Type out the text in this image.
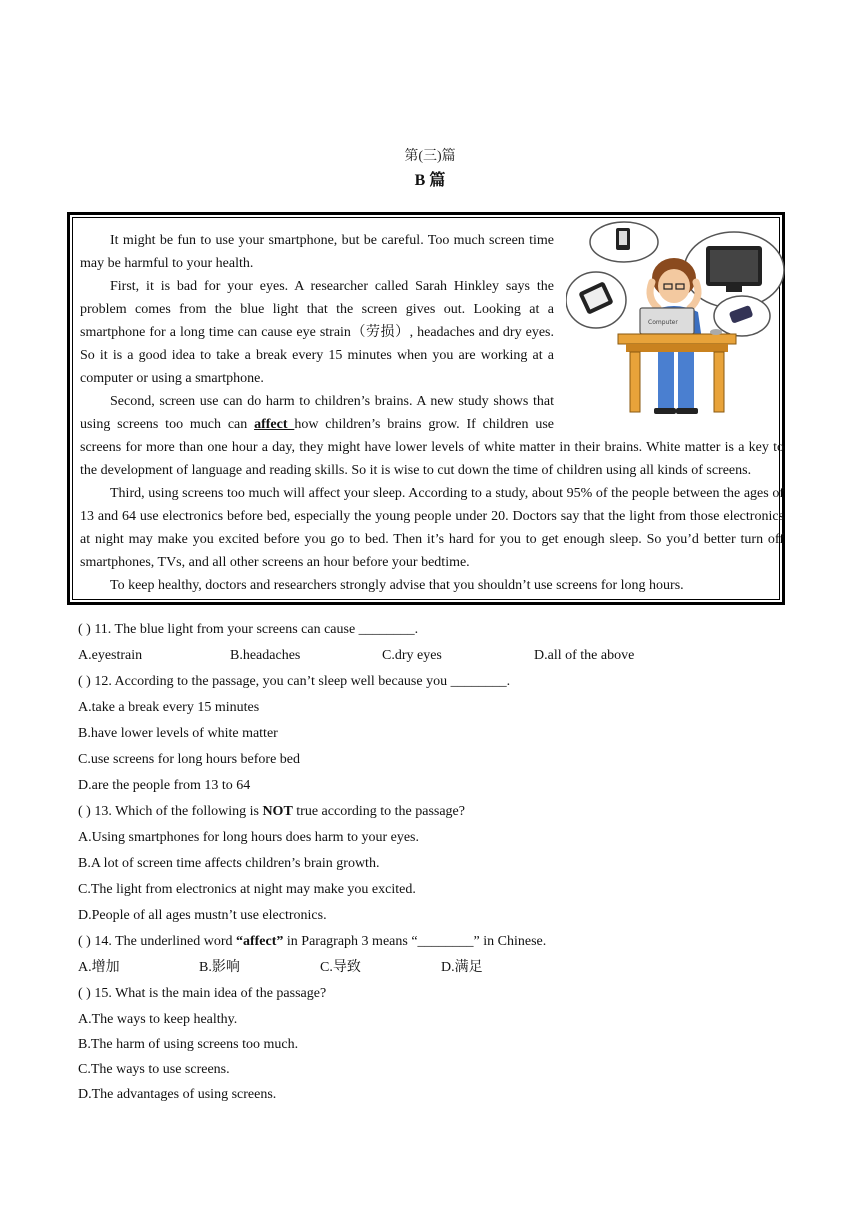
第(三)篇
B 篇
Computer

It might be fun to use your smartphone, but be careful. Too much screen time may be harmful to your health.

First, it is bad for your eyes. A researcher called Sarah Hinkley says the problem comes from the blue light that the screen gives out. Looking at a smartphone for a long time can cause eye strain（劳损）, headaches and dry eyes. So it is a good idea to take a break every 15 minutes when you are working at a computer or using a smartphone.

Second, screen use can do harm to children’s brains. A new study shows that using screens too much can affect how children’s brains grow. If children use screens for more than one hour a day, they might have lower levels of white matter in their brains. White matter is a key to the development of language and reading skills. So it is wise to cut down the time of children using all kinds of screens.

Third, using screens too much will affect your sleep. According to a study, about 95% of the people between the ages of 13 and 64 use electronics before bed, especially the young people under 20. Doctors say that the light from those electronics at night may make you excited before you go to bed. Then it’s hard for you to get enough sleep. So you’d better turn off smartphones, TVs, and all other screens an hour before your bedtime.

To keep healthy, doctors and researchers strongly advise that you shouldn’t use screens for long hours.

( ) 11. The blue light from your screens can cause ________.
A.eyestrain	B.headaches	C.dry eyes	D.all of the above
( ) 12. According to the passage, you can’t sleep well because you ________.
A.take a break every 15 minutes
B.have lower levels of white matter
C.use screens for long hours before bed
D.are the people from 13 to 64
( ) 13. Which of the following is NOT true according to the passage?
A.Using smartphones for long hours does harm to your eyes.
B.A lot of screen time affects children’s brain growth.
C.The light from electronics at night may make you excited.
D.People of all ages mustn’t use electronics.
( ) 14. The underlined word “affect” in Paragraph 3 means “________” in Chinese.
A.增加	B.影响	C.导致	D.满足
( ) 15. What is the main idea of the passage?
A.The ways to keep healthy.
B.The harm of using screens too much.
C.The ways to use screens.
D.The advantages of using screens.
